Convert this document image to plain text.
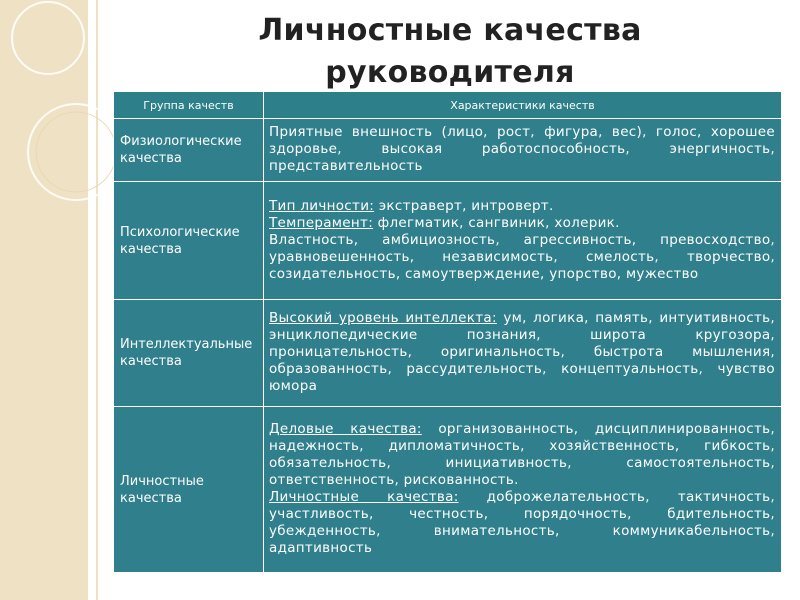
Личностные качества
руководителя
Группа качеств	Характеристики качеств
Физиологические качества	Приятные внешность (лицо, рост, фигура, вес), голос, хорошее здоровье, высокая работоспособность, энергичность, представительность

Психологические качества	Тип личности: экстраверт, интроверт.

Темперамент: флегматик, сангвиник, холерик.

Властность, амбициозность, агрессивность, превосходство, уравновешенность, независимость, смелость, творчество, созидательность, самоутверждение, упорство, мужество

Интеллектуальные качества	Высокий уровень интеллекта: ум, логика, память, интуитивность, энциклопедические познания, широта кругозора, проницательность, оригинальность, быстрота мышления, образованность, рассудительность, концептуальность, чувство юмора

Личностные качества	Деловые качества: организованность, дисциплинированность, надежность, дипломатичность, хозяйственность, гибкость, обязательность, инициативность, самостоятельность, ответственность, рискованность.

Личностные качества: доброжелательность, тактичность, участливость, честность, порядочность, бдительность, убежденность, внимательность, коммуникабельность, адаптивность
